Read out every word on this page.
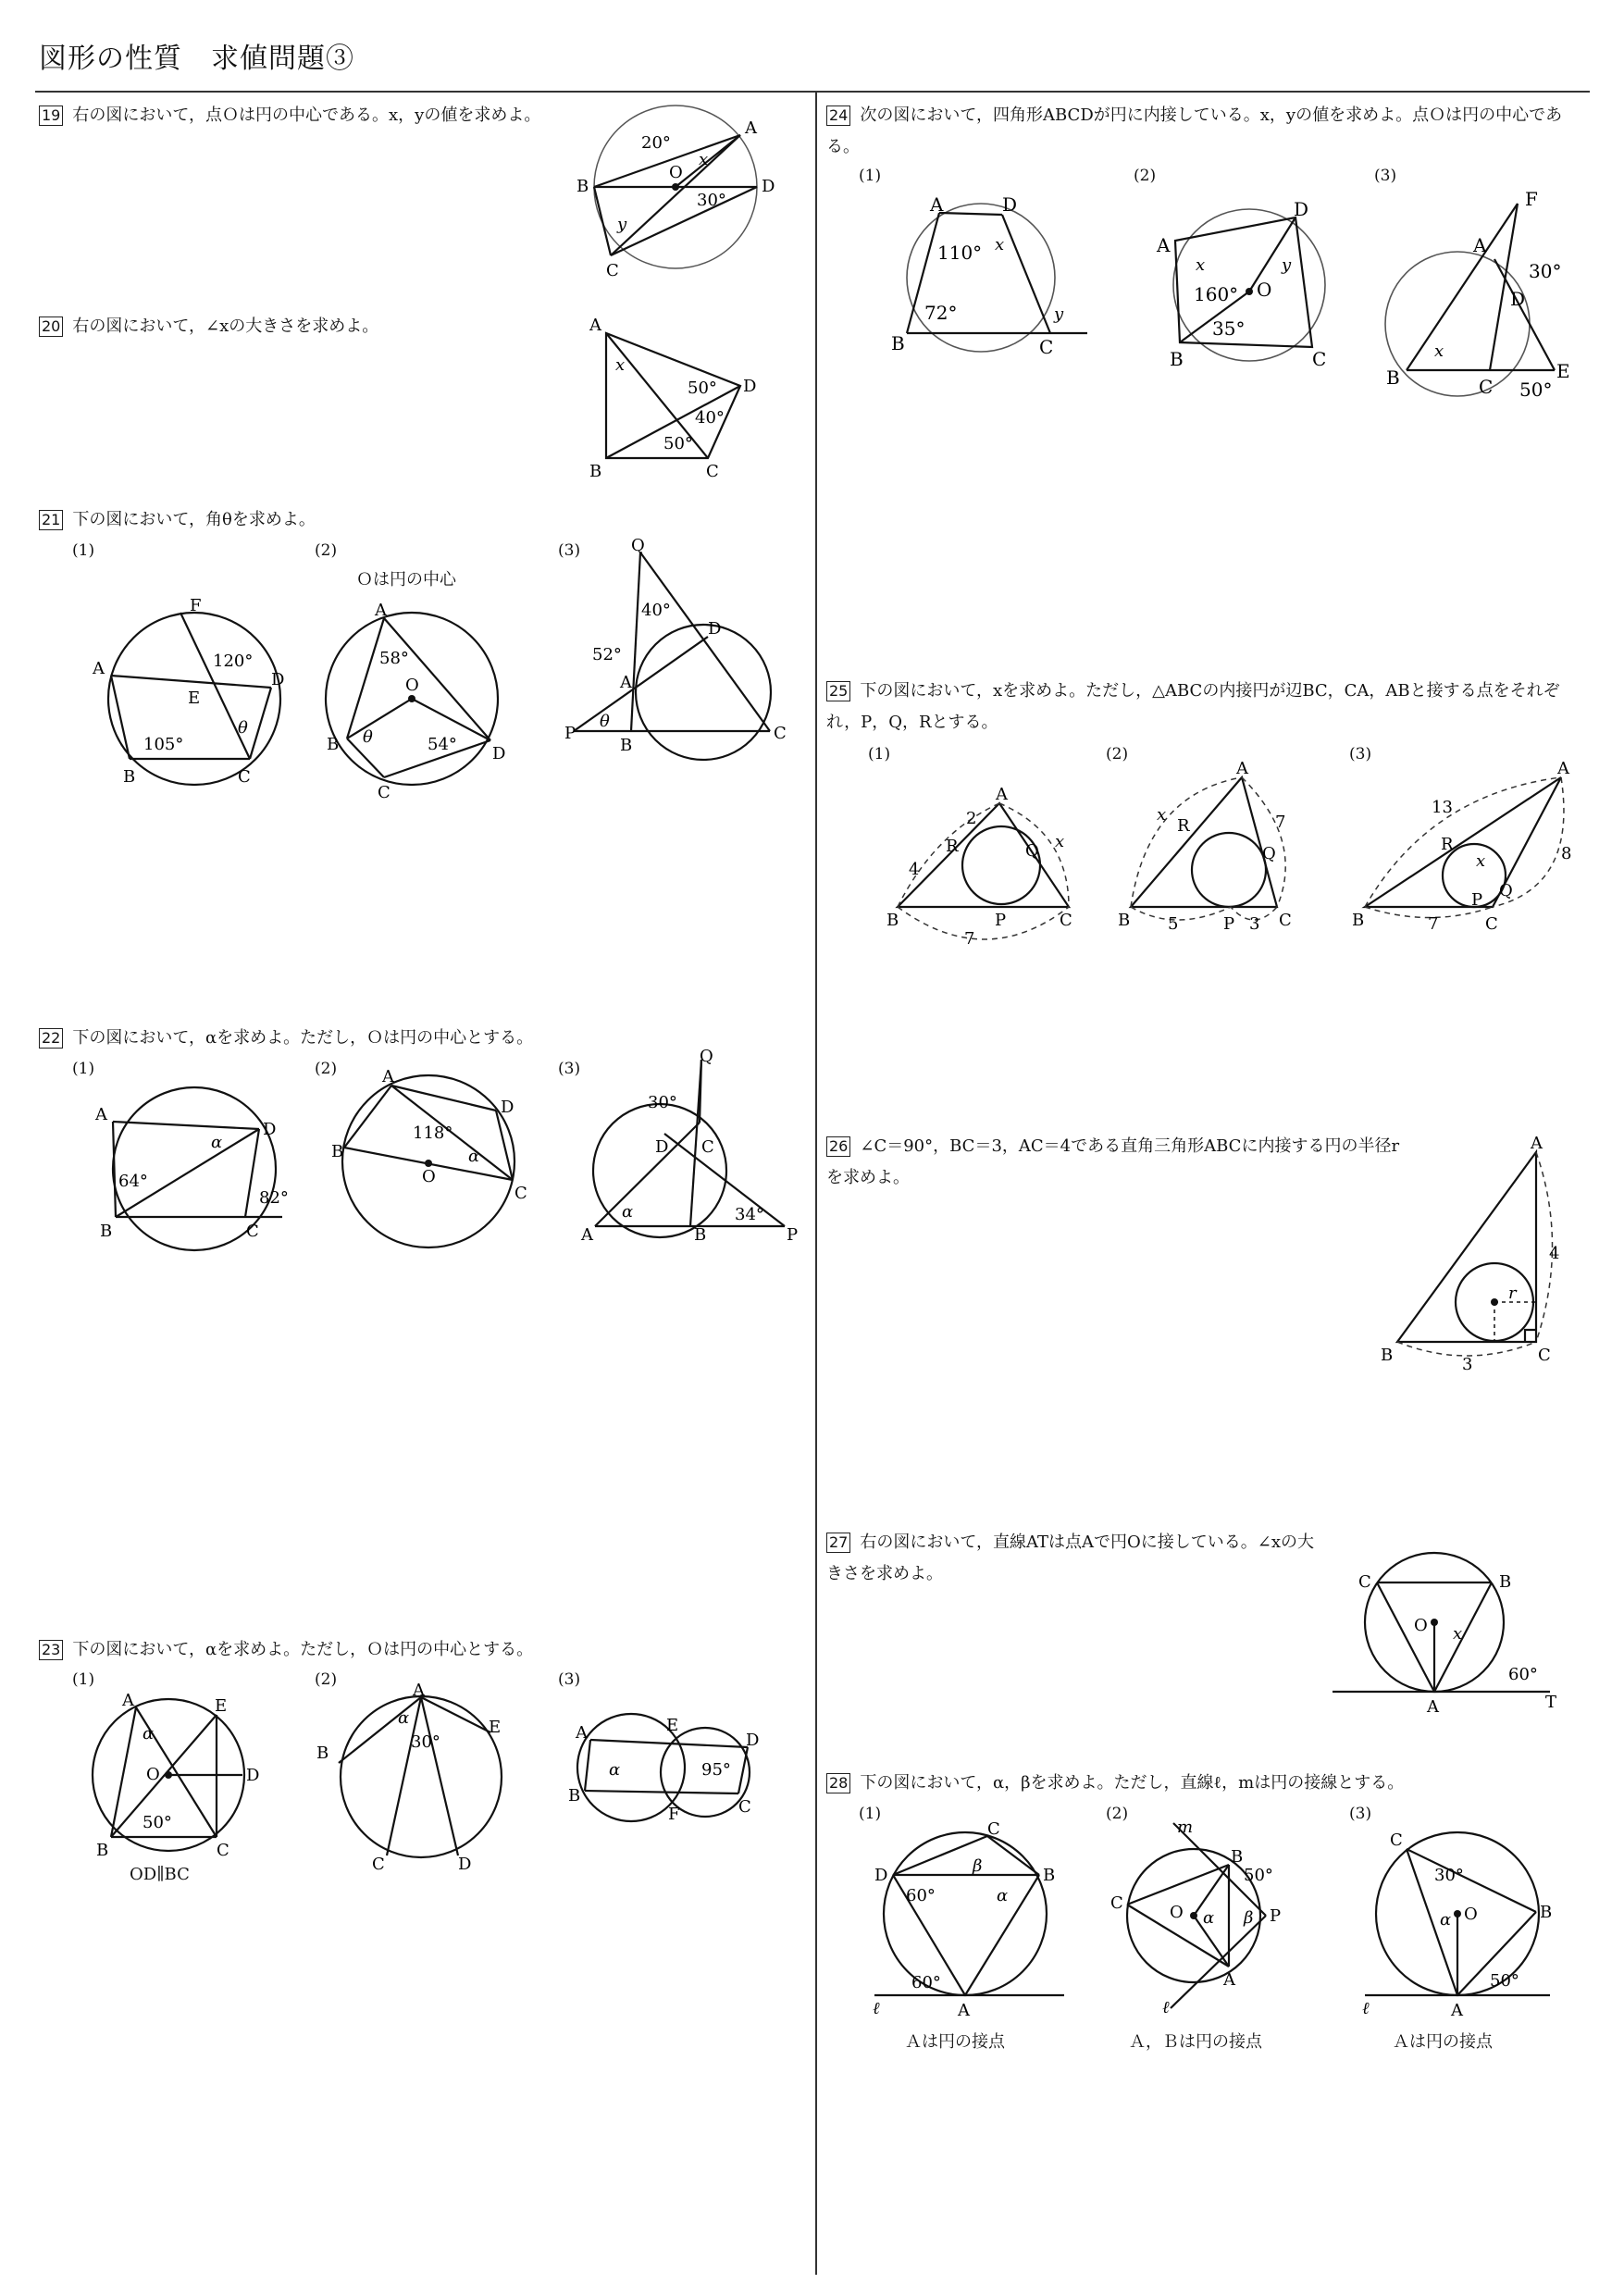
図形の性質　求値問題③
19 右の図において，点Ｏは円の中心である。x，yの値を求めよ。
A
B
C
D
O
20°
30°
x
y
20 右の図において，∠xの大きさを求めよ。	A
B	C
D
x
50°
40°
50°
21 下の図において，角θを求めよ。
(1)	(2)	(3)
Ｏは円の中心
A
B	C
D
F
E
120°
105°
θ
A
B
C
D
O
58°
θ	54°
Q
P
B
C
D
A
40°
52°
θ
22 下の図において，αを求めよ。ただし，Ｏは円の中心とする。
(1)	(2)	(3)
A
B	C
D
64°
82°
α
A
B
C
D
O
118°
α
Q
A	B
C
D
P
30°
34°
α
23 下の図において，αを求めよ。ただし，Ｏは円の中心とする。
(1)	(2)	(3)
A
B	C
D
E
O
50°
α
OD∥BC
A
B
C	D
E
30°
α
A
B
C
D
E
F
α	95°
24 次の図において，四角形ABCDが円に内接している。x，yの値を求めよ。点Ｏは円の中心である。
(1)	(2)	(3)
A
B	C
D
110°
72°
x
y
A
B	C
D
O
160°
35°
x	y
B	C
E
F
A
D
30°
50°
x
25 下の図において，xを求めよ。ただし，△ABCの内接円が辺BC，CA，ABと接する点をそれぞれ，P，Q，Rとする。
(1)	(2)	(3)
A
B	C
P
Q
R
2
4
7
x
A
B	C
P
Q
R
5	3
7
x
A
B	C
P Q
R
13
7
8
x
26 ∠C＝90°，BC＝3，AC＝4である直角三角形ABCに内接する円の半径rを求めよ。
A
B	C
4
3
r
27 右の図において，直線ATは点Aで円Oに接している。∠xの大きさを求めよ。	C	B
A	T
O x
60°
28 下の図において，α，βを求めよ。ただし，直線ℓ，mは円の接線とする。
(1)	(2)	(3)
D	B
C
A
ℓ
60°
60°
α
β
Ａは円の接点
m
B
C
P
A
O
50°
α β
ℓ
Ａ，Ｂは円の接点
C
B
A
O
30°
α
50°
ℓ
Ａは円の接点
